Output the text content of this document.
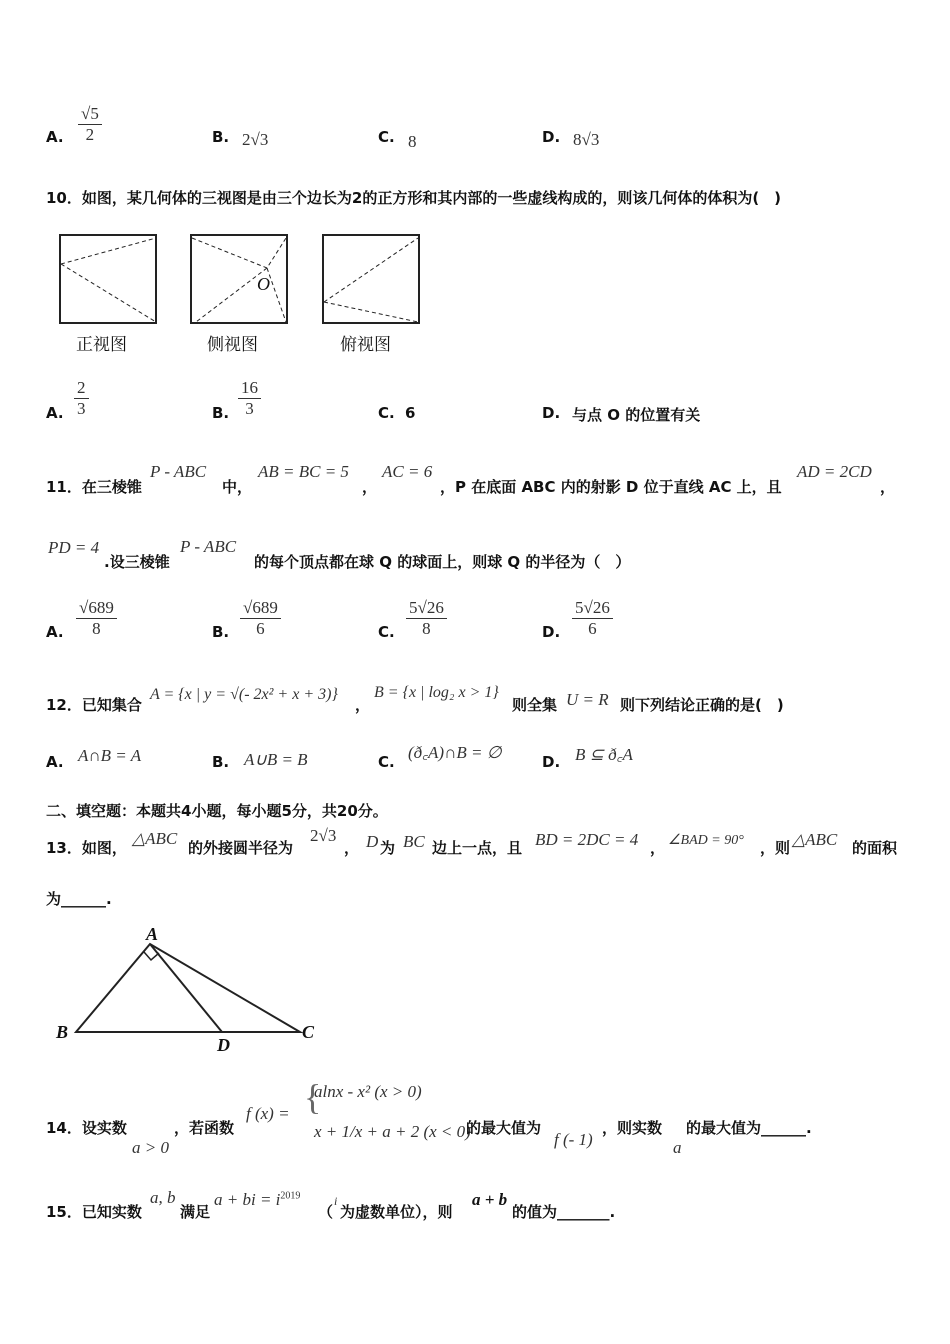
A. $\frac{√5}{2}$	B. 2√3	C. 8	D. 8√3
10．如图，某几何体的三视图是由三个边长为2的正方形和其内部的一些虚线构成的，则该几何体的体积为(　)
O
正视图	侧视图	俯视图
A. $\frac{2}{3}$	B. $\frac{16}{3}$	C. 6	D. 与点 O 的位置有关
11．在三棱锥
P - ABC
中，
AB = BC = 5
，
AC = 6
，P 在底面 ABC 内的射影 D 位于直线 AC 上，且
AD = 2CD
，
PD = 4
.设三棱锥
P - ABC
的每个顶点都在球 Q 的球面上，则球 Q 的半径为（　）
A. $\frac{√689}{8}$	B. $\frac{√689}{6}$	C. $\frac{5√26}{8}$	D. $\frac{5√26}{6}$
12．已知集合
A = {x | y = √(- 2x² + x + 3)}
，
B = {x | log₂ x > 1}
则全集 U = R 则下列结论正确的是(　)
A. A∩B = A	B. A∪B = B	C. (ð꜀A)∩B = ∅	D. B ⊆ ð꜀A
二、填空题：本题共4小题，每小题5分，共20分。
13．如图， △ABC 的外接圆半径为
2√3
， D 为 BC 边上一点，且 BD = 2DC = 4 ， ∠BAD = 90° ，则 △ABC 的面积
为______.
A
B	C
D
14．设实数
a > 0
，若函数
f (x) = {
alnx - x² (x > 0)
x + 1/x + a + 2 (x < 0)
的最大值为
f (- 1)
，则实数
a
的最大值为______.
15．已知实数
a, b
满足
a + bi = $i^{2019}$
（
i
为虚数单位），则
a + b
的值为_______.
